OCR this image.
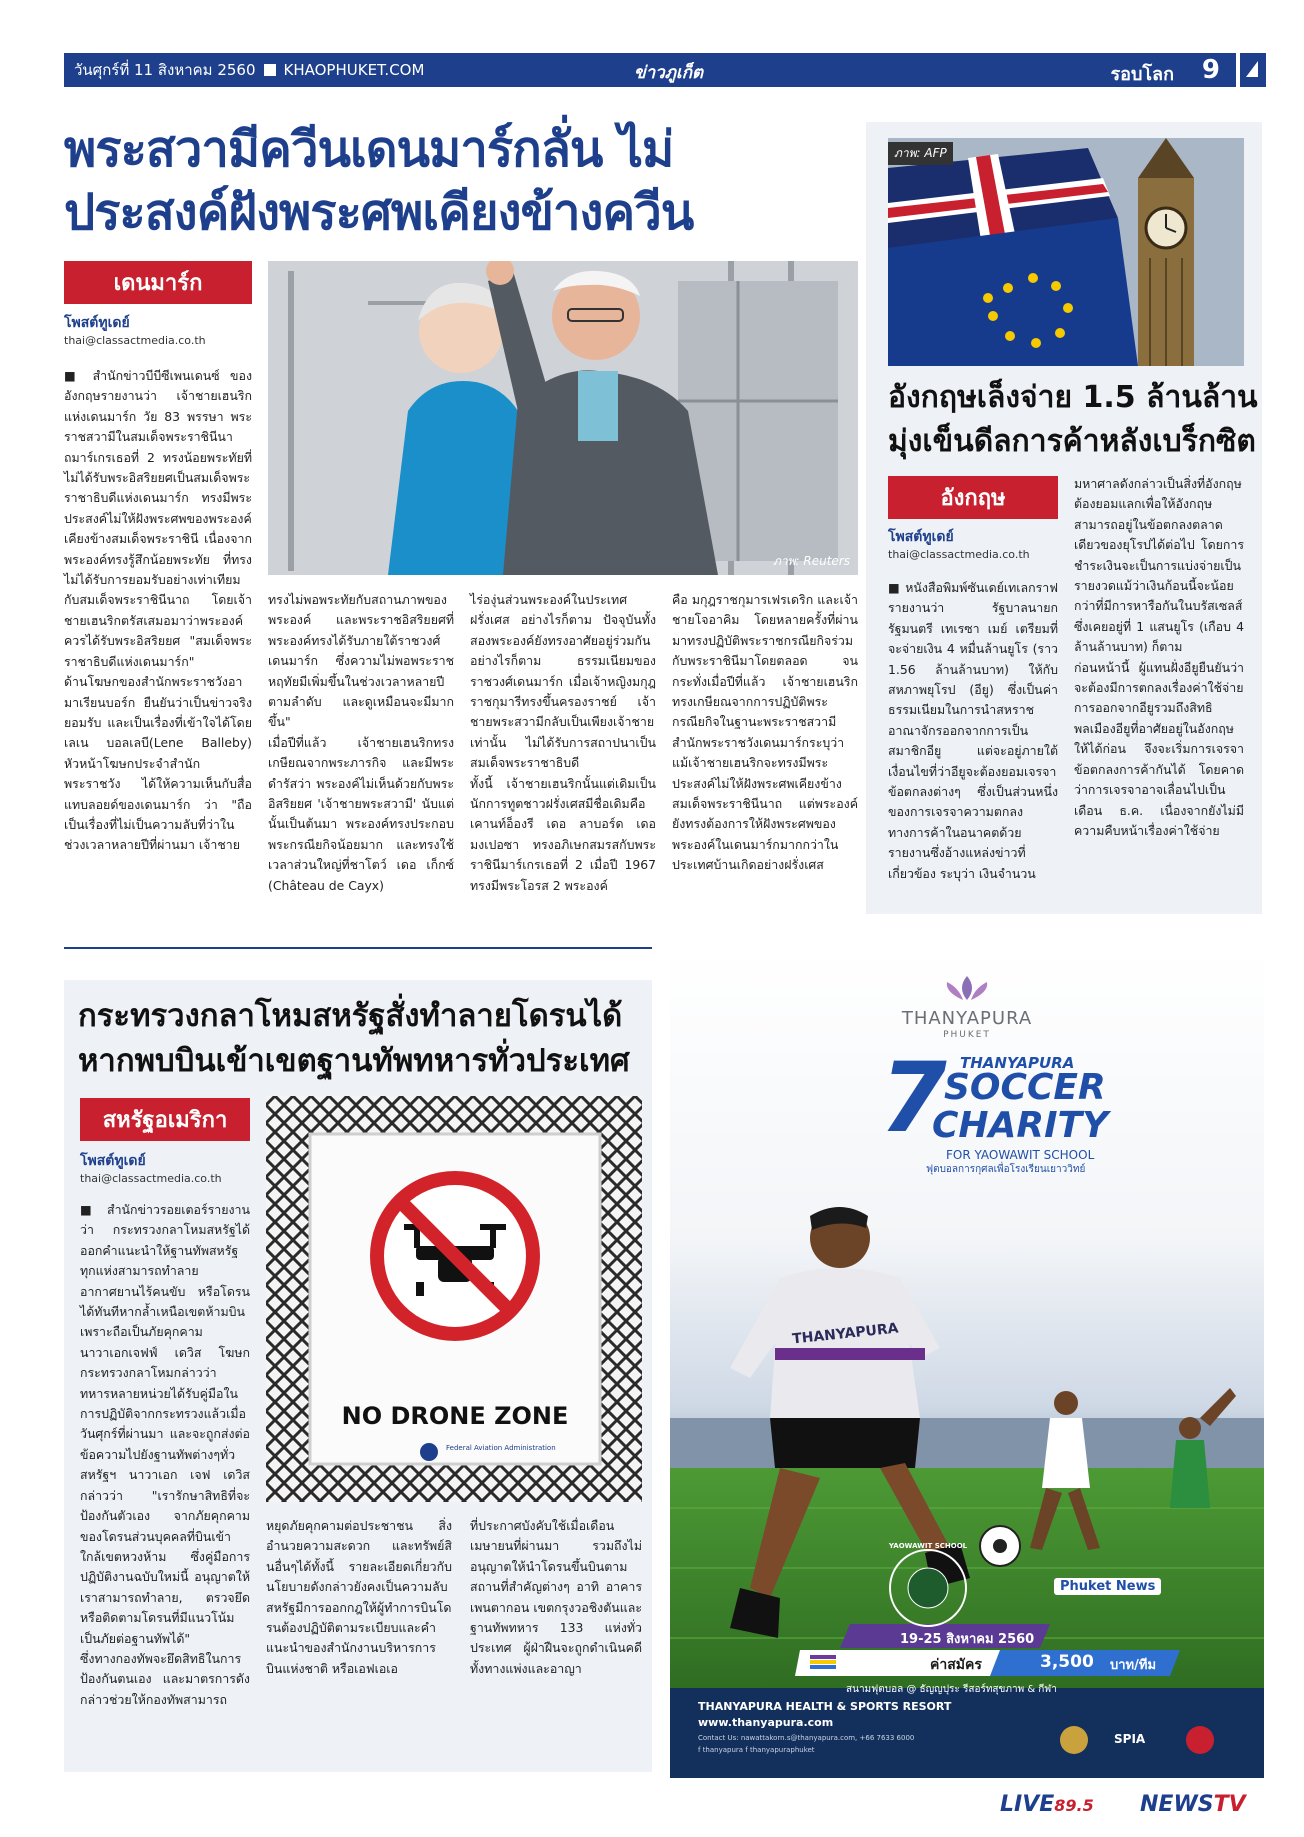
วันศุกร์ที่ 11 สิงหาคม 2560 KHAOPHUKET.COM	ข่าวภูเก็ต	รอบโลก 9
พระสวามีควีนเดนมาร์กลั่น ไม่
ประสงค์ฝังพระศพเคียงข้างควีน
เดนมาร์ก
โพสต์ทูเดย์
thai@classactmedia.co.th
ภาพ: Reuters

■ สำนักข่าวบีบีซีเพนเดนซ์ ของอังกฤษรายงานว่า เจ้าชายเฮนริกแห่งเดนมาร์ก วัย 83 พรรษา พระราชสวามีในสมเด็จพระราชินีนาถมาร์เกรเธอที่ 2 ทรงน้อยพระทัยที่ไม่ได้รับพระอิสริยยศเป็นสมเด็จพระราชาธิบดีแห่งเดนมาร์ก ทรงมีพระประสงค์ไม่ให้ฝังพระศพของพระองค์เคียงข้างสมเด็จพระราชินี เนื่องจากพระองค์ทรงรู้สึกน้อยพระทัย ที่ทรงไม่ได้รับการยอมรับอย่างเท่าเทียมกับสมเด็จพระราชินีนาถ โดยเจ้าชายเฮนริกตรัสเสมอมาว่าพระองค์ควรได้รับพระอิสริยยศ "สมเด็จพระราชาธิบดีแห่งเดนมาร์ก"

ด้านโฆษกของสำนักพระราชวังอามาเรียนบอร์ก ยืนยันว่าเป็นข่าวจริง ยอมรับ และเป็นเรื่องที่เข้าใจได้โดยเลเน บอลเลบี(Lene Balleby) หัวหน้าโฆษกประจำสำนักพระราชวัง ได้ให้ความเห็นกับสื่อแทบลอยด์ของเดนมาร์ก ว่า "ถือเป็นเรื่องที่ไม่เป็นความลับที่ว่าในช่วงเวลาหลายปีที่ผ่านมา เจ้าชาย

ทรงไม่พอพระทัยกับสถานภาพของพระองค์ และพระราชอิสริยยศที่พระองค์ทรงได้รับภายใต้ราชวงศ์เดนมาร์ก ซึ่งความไม่พอพระราชหฤทัยมีเพิ่มขึ้นในช่วงเวลาหลายปีตามลำดับ และดูเหมือนจะมีมากขึ้น"

เมื่อปีที่แล้ว เจ้าชายเฮนริกทรงเกษียณจากพระภารกิจ และมีพระดำรัสว่า พระองค์ไม่เห็นด้วยกับพระอิสริยยศ 'เจ้าชายพระสวามี' นับแต่นั้นเป็นต้นมา พระองค์ทรงประกอบพระกรณียกิจน้อยมาก และทรงใช้เวลาส่วนใหญ่ที่ชาโตว์ เดอ เก็กซ์ (Château de Cayx)

ไร่องุ่นส่วนพระองค์ในประเทศฝรั่งเศส อย่างไรก็ตาม ปัจจุบันทั้งสองพระองค์ยังทรงอาศัยอยู่ร่วมกันอย่างไรก็ตาม ธรรมเนียมของราชวงศ์เดนมาร์ก เมื่อเจ้าหญิงมกุฎราชกุมารีทรงขึ้นครองราชย์ เจ้าชายพระสวามีกลับเป็นเพียงเจ้าชายเท่านั้น ไม่ได้รับการสถาปนาเป็นสมเด็จพระราชาธิบดี

ทั้งนี้ เจ้าชายเฮนริกนั้นแต่เดิมเป็นนักการทูตชาวฝรั่งเศสมีชื่อเดิมคือ เคานท์อ็องรี เดอ ลาบอร์ด เดอ มงเปอซา ทรงอภิเษกสมรสกับพระราชินีมาร์เกรเธอที่ 2 เมื่อปี 1967 ทรงมีพระโอรส 2 พระองค์

คือ มกุฎราชกุมารเฟรเดริก และเจ้าชายโจอาคิม โดยหลายครั้งที่ผ่านมาทรงปฏิบัติพระราชกรณียกิจร่วมกับพระราชินีมาโดยตลอด จนกระทั่งเมื่อปีที่แล้ว เจ้าชายเฮนริกทรงเกษียณจากการปฏิบัติพระกรณียกิจในฐานะพระราชสวามี สำนักพระราชวังเดนมาร์กระบุว่าแม้เจ้าชายเฮนริกจะทรงมีพระประสงค์ไม่ให้ฝังพระศพเคียงข้างสมเด็จพระราชินีนาถ แต่พระองค์ยังทรงต้องการให้ฝังพระศพของพระองค์ในเดนมาร์กมากกว่าในประเทศบ้านเกิดอย่างฝรั่งเศส

ภาพ: AFP
อังกฤษเล็งจ่าย 1.5 ล้านล้าน
มุ่งเข็นดีลการค้าหลังเบร็กซิต
อังกฤษ
โพสต์ทูเดย์
thai@classactmedia.co.th

■ หนังสือพิมพ์ซันเดย์เทเลกราฟ รายงานว่า รัฐบาลนายกรัฐมนตรี เทเรซา เมย์ เตรียมที่จะจ่ายเงิน 4 หมื่นล้านยูโร (ราว 1.56 ล้านล้านบาท) ให้กับสหภาพยุโรป (อียู) ซึ่งเป็นค่าธรรมเนียมในการนำสหราชอาณาจักรออกจากการเป็นสมาชิกอียู แต่จะอยู่ภายใต้เงื่อนไขที่ว่าอียูจะต้องยอมเจรจาข้อตกลงต่างๆ ซึ่งเป็นส่วนหนึ่งของการเจรจาความตกลงทางการค้าในอนาคตด้วย

รายงานซึ่งอ้างแหล่งข่าวที่เกี่ยวข้อง ระบุว่า เงินจำนวน

มหาศาลดังกล่าวเป็นสิ่งที่อังกฤษต้องยอมแลกเพื่อให้อังกฤษสามารถอยู่ในข้อตกลงตลาดเดียวของยุโรปได้ต่อไป โดยการชำระเงินจะเป็นการแบ่งจ่ายเป็นรายงวดแม้ว่าเงินก้อนนี้จะน้อยกว่าที่มีการหารือกันในบรัสเซลส์ ซึ่งเคยอยู่ที่ 1 แสนยูโร (เกือบ 4 ล้านล้านบาท) ก็ตาม

ก่อนหน้านี้ ผู้แทนฝั่งอียูยืนยันว่าจะต้องมีการตกลงเรื่องค่าใช้จ่ายการออกจากอียูรวมถึงสิทธิพลเมืองอียูที่อาศัยอยู่ในอังกฤษให้ได้ก่อน จึงจะเริ่มการเจรจาข้อตกลงการค้ากันได้ โดยคาดว่าการเจรจาอาจเลื่อนไปเป็นเดือน ธ.ค. เนื่องจากยังไม่มีความคืบหน้าเรื่องค่าใช้จ่าย

กระทรวงกลาโหมสหรัฐสั่งทำลายโดรนได้
หากพบบินเข้าเขตฐานทัพทหารทั่วประเทศ
สหรัฐอเมริกา
โพสต์ทูเดย์
thai@classactmedia.co.th

■ สำนักข่าวรอยเตอร์รายงานว่า กระทรวงกลาโหมสหรัฐได้ออกคำแนะนำให้ฐานทัพสหรัฐทุกแห่งสามารถทำลายอากาศยานไร้คนขับ หรือโดรน ได้ทันทีหากล้ำเหนือเขตห้ามบินเพราะถือเป็นภัยคุกคาม

นาวาเอกเจฟฟ์ เดวิส โฆษกกระทรวงกลาโหมกล่าวว่า ทหารหลายหน่วยได้รับคู่มือในการปฏิบัติจากกระทรวงแล้วเมื่อวันศุกร์ที่ผ่านมา และจะถูกส่งต่อข้อความไปยังฐานทัพต่างๆทั่วสหรัฐฯ นาวาเอก เจฟ เดวิส กล่าวว่า "เรารักษาสิทธิที่จะป้องกันตัวเอง จากภัยคุกคามของโดรนส่วนบุคคลที่บินเข้าใกล้เขตหวงห้าม ซึ่งคู่มือการปฏิบัติงานฉบับใหม่นี้ อนุญาตให้เราสามารถทำลาย, ตรวจยึด หรือติดตามโดรนที่มีแนวโน้มเป็นภัยต่อฐานทัพได้"

ซึ่งทางกองทัพจะยึดสิทธิในการป้องกันตนเอง และมาตรการดังกล่าวช่วยให้กองทัพสามารถ

NO DRONE ZONE
Federal Aviation Administration

หยุดภัยคุกคามต่อประชาชน สิ่งอำนวยความสะดวก และทรัพย์สินอื่นๆได้ทั้งนี้ รายละเอียดเกี่ยวกับนโยบายดังกล่าวยังคงเป็นความลับ

สหรัฐมีการออกกฎให้ผู้ทำการบินโดรนต้องปฏิบัติตามระเบียบและคำแนะนำของสำนักงานบริหารการบินแห่งชาติ หรือเอฟเอเอ

ที่ประกาศบังคับใช้เมื่อเดือนเมษายนที่ผ่านมา รวมถึงไม่อนุญาตให้นำโดรนขึ้นบินตามสถานที่สำคัญต่างๆ อาทิ อาคารเพนตากอน เขตกรุงวอชิงตันและฐานทัพทหาร 133 แห่งทั่วประเทศ ผู้ฝ่าฝืนจะถูกดำเนินคดีทั้งทางแพ่งและอาญา

THANYAPURA
PHUKET
7 THANYAPURA
SOCCER
CHARITY
FOR YAOWAWIT SCHOOL
ฟุตบอลการกุศลเพื่อโรงเรียนเยาววิทย์
THANYAPURA
19-25 สิงหาคม 2560
ค่าสมัคร	3,500 บาท/ทีม
สนามฟุตบอล @ ธัญญปุระ รีสอร์ทสุขภาพ & กีฬา
YAOWAWIT SCHOOL
Phuket News
THANYAPURA HEALTH & SPORTS RESORT
www.thanyapura.com
Contact Us: nawattakorn.s@thanyapura.com, +66 7633 6000
f thanyapura f thanyapuraphuket
SPIA
LIVE89.5 NEWSTV
